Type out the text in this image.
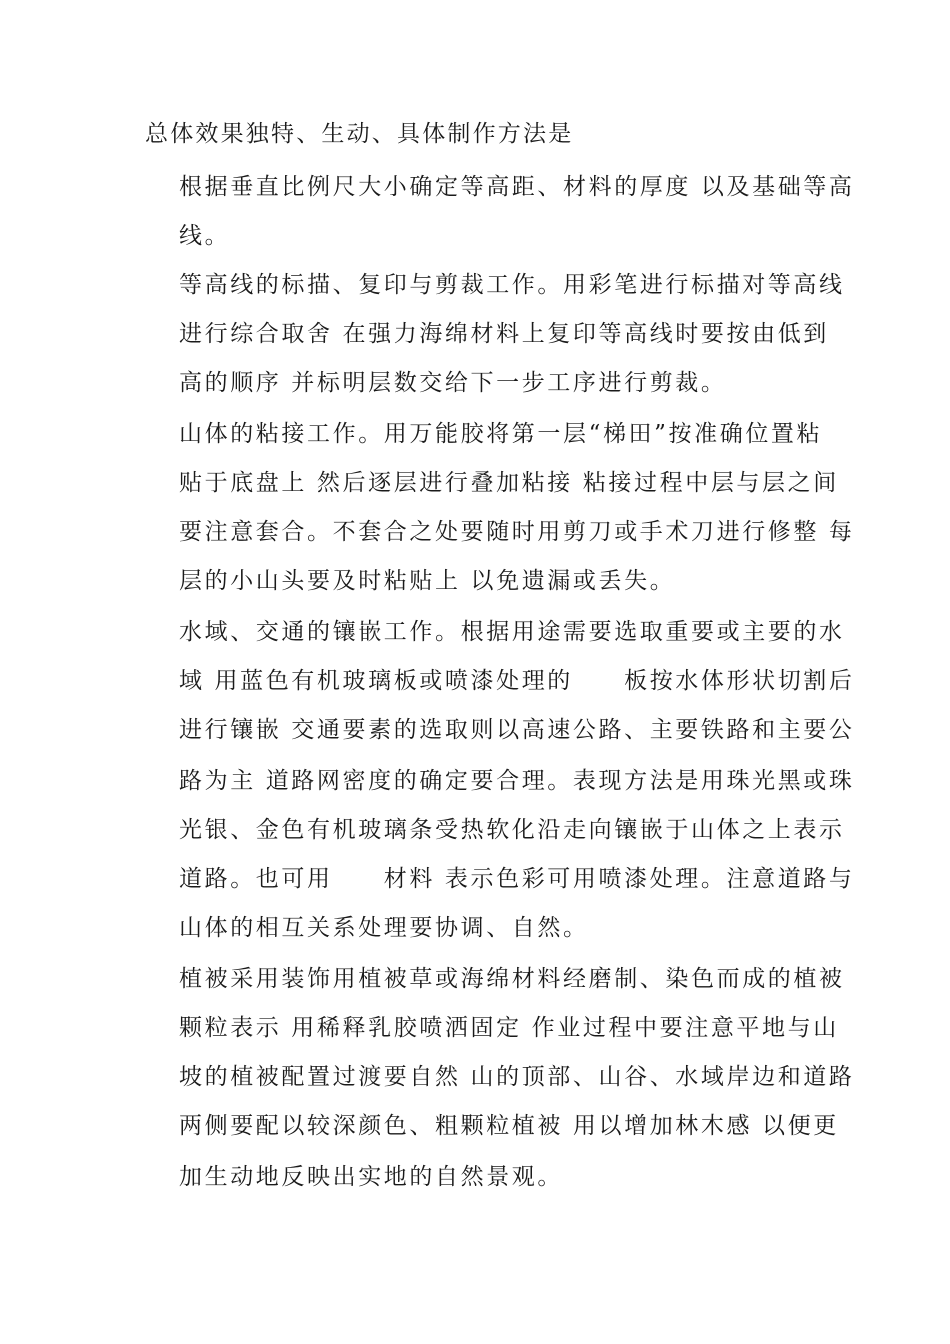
总体效果独特、生动、具体制作方法是
根据垂直比例尺大小确定等高距、材料的厚度 以及基础等高
线。
等高线的标描、复印与剪裁工作。用彩笔进行标描对等高线
进行综合取舍 在强力海绵材料上复印等高线时要按由低到
高的顺序 并标明层数交给下一步工序进行剪裁。
山体的粘接工作。用万能胶将第一层“梯田”按准确位置粘
贴于底盘上 然后逐层进行叠加粘接 粘接过程中层与层之间
要注意套合。不套合之处要随时用剪刀或手术刀进行修整 每
层的小山头要及时粘贴上 以免遗漏或丢失。
水域、交通的镶嵌工作。根据用途需要选取重要或主要的水
域 用蓝色有机玻璃板或喷漆处理的　　板按水体形状切割后
进行镶嵌 交通要素的选取则以高速公路、主要铁路和主要公
路为主 道路网密度的确定要合理。表现方法是用珠光黑或珠
光银、金色有机玻璃条受热软化沿走向镶嵌于山体之上表示
道路。也可用　　材料 表示色彩可用喷漆处理。注意道路与
山体的相互关系处理要协调、自然。
植被采用装饰用植被草或海绵材料经磨制、染色而成的植被
颗粒表示 用稀释乳胶喷洒固定 作业过程中要注意平地与山
坡的植被配置过渡要自然 山的顶部、山谷、水域岸边和道路
两侧要配以较深颜色、粗颗粒植被 用以增加林木感 以便更
加生动地反映出实地的自然景观。
